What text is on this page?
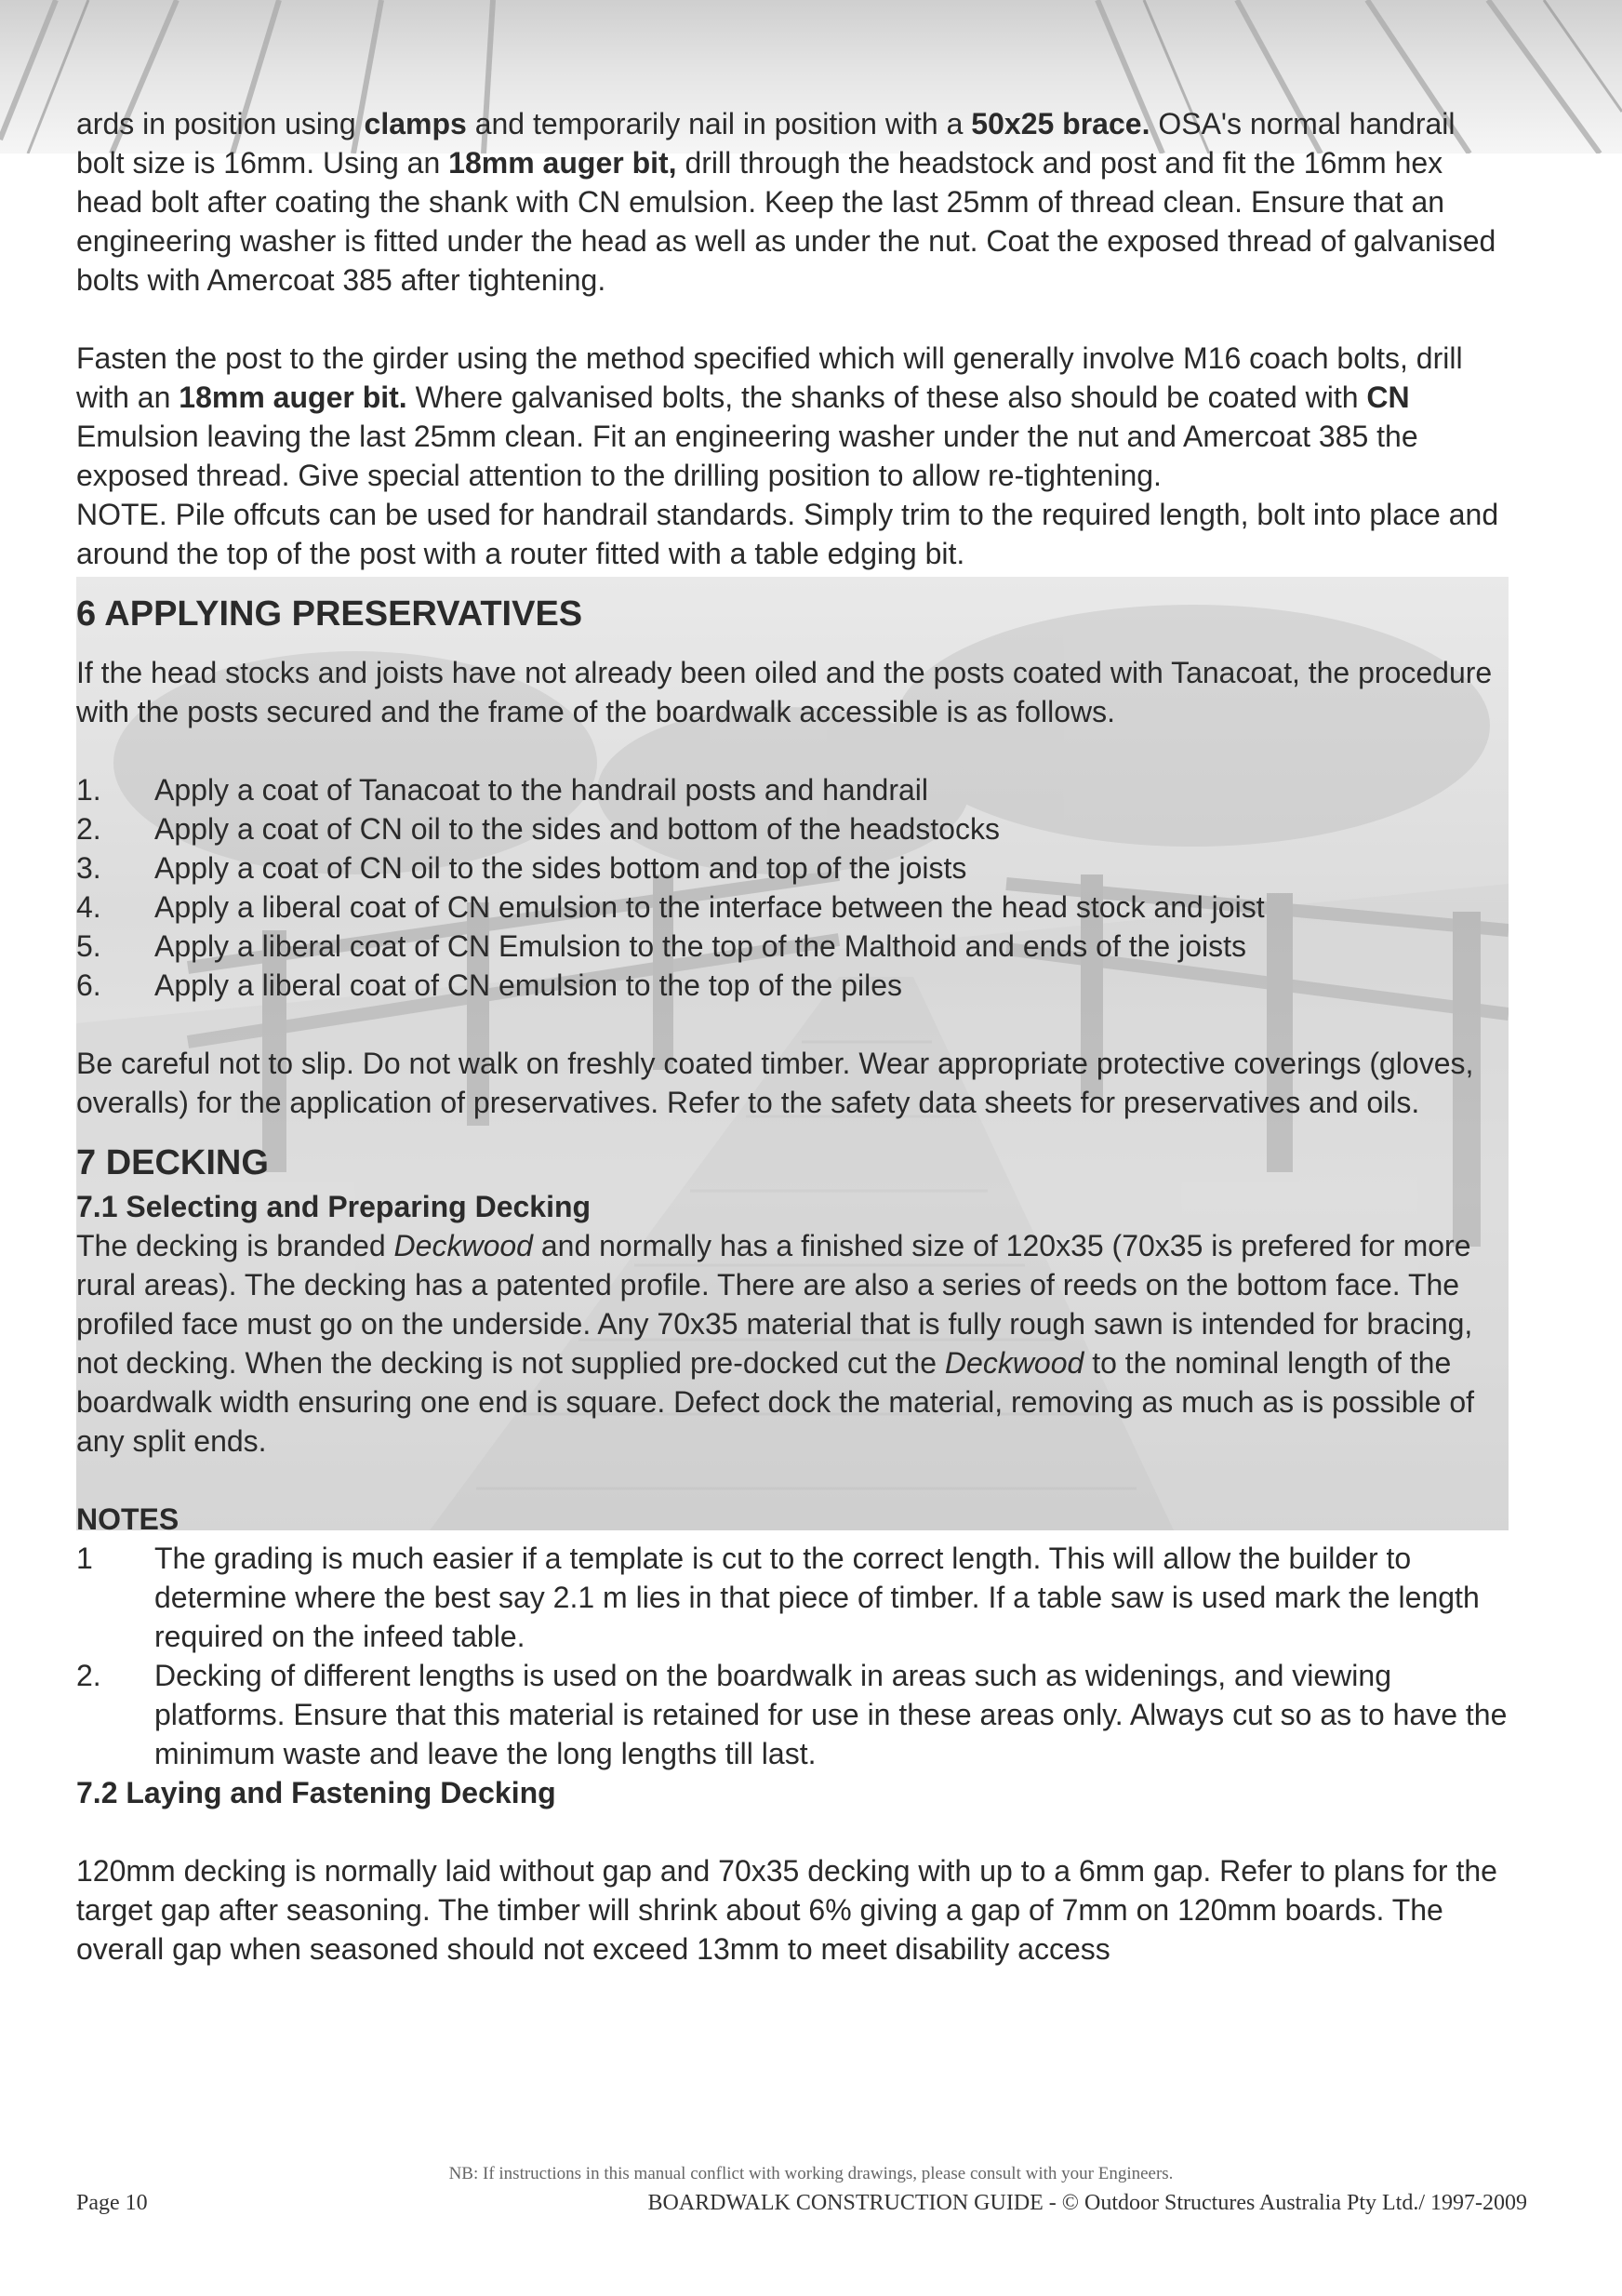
ards in position using clamps and temporarily nail in position with a 50x25 brace. OSA's normal handrail bolt size is 16mm. Using an 18mm auger bit, drill through the headstock and post and fit the 16mm hex head bolt after coating the shank with CN emulsion. Keep the last 25mm of thread clean. Ensure that an engineering washer is fitted under the head as well as under the nut. Coat the exposed thread of galvanised bolts with Amercoat 385 after tightening.

Fasten the post to the girder using the method specified which will generally involve M16 coach bolts, drill with an 18mm auger bit. Where galvanised bolts, the shanks of these also should be coated with CN Emulsion leaving the last 25mm clean. Fit an engineering washer under the nut and Amercoat 385 the exposed thread. Give special attention to the drilling position to allow re-tightening.

NOTE. Pile offcuts can be used for handrail standards. Simply trim to the required length, bolt into place and around the top of the post with a router fitted with a table edging bit.

6 APPLYING PRESERVATIVES

If the head stocks and joists have not already been oiled and the posts coated with Tanacoat, the procedure with the posts secured and the frame of the boardwalk accessible is as follows.

1.	Apply a coat of Tanacoat to the handrail posts and handrail
2.	Apply a coat of CN oil to the sides and bottom of the headstocks
3.	Apply a coat of CN oil to the sides bottom and top of the joists
4.	Apply a liberal coat of CN emulsion to the interface between the head stock and joist
5.	Apply a liberal coat of CN Emulsion to the top of the Malthoid and ends of the joists
6.	Apply a liberal coat of CN emulsion to the top of the piles

Be careful not to slip. Do not walk on freshly coated timber. Wear appropriate protective coverings (gloves, overalls) for the application of preservatives. Refer to the safety data sheets for preservatives and oils.

7 DECKING
7.1 Selecting and Preparing Decking

The decking is branded Deckwood and normally has a finished size of 120x35 (70x35 is prefered for more rural areas). The decking has a patented profile. There are also a series of reeds on the bottom face. The profiled face must go on the underside. Any 70x35 material that is fully rough sawn is intended for bracing, not decking. When the decking is not supplied pre-docked cut the Deckwood to the nominal length of the boardwalk width ensuring one end is square. Defect dock the material, removing as much as is possible of any split ends.

NOTES
1	The grading is much easier if a template is cut to the correct length. This will allow the builder to determine where the best say 2.1 m lies in that piece of timber. If a table saw is used mark the length required on the infeed table.
2.	Decking of different lengths is used on the boardwalk in areas such as widenings, and viewing platforms. Ensure that this material is retained for use in these areas only. Always cut so as to have the minimum waste and leave the long lengths till last.
7.2 Laying and Fastening Decking

120mm decking is normally laid without gap and 70x35 decking with up to a 6mm gap. Refer to plans for the target gap after seasoning. The timber will shrink about 6% giving a gap of 7mm on 120mm boards. The overall gap when seasoned should not exceed 13mm to meet disability access

NB: If instructions in this manual conflict with working drawings, please consult with your Engineers.
Page 10	BOARDWALK CONSTRUCTION GUIDE - © Outdoor Structures Australia Pty Ltd./ 1997-2009
